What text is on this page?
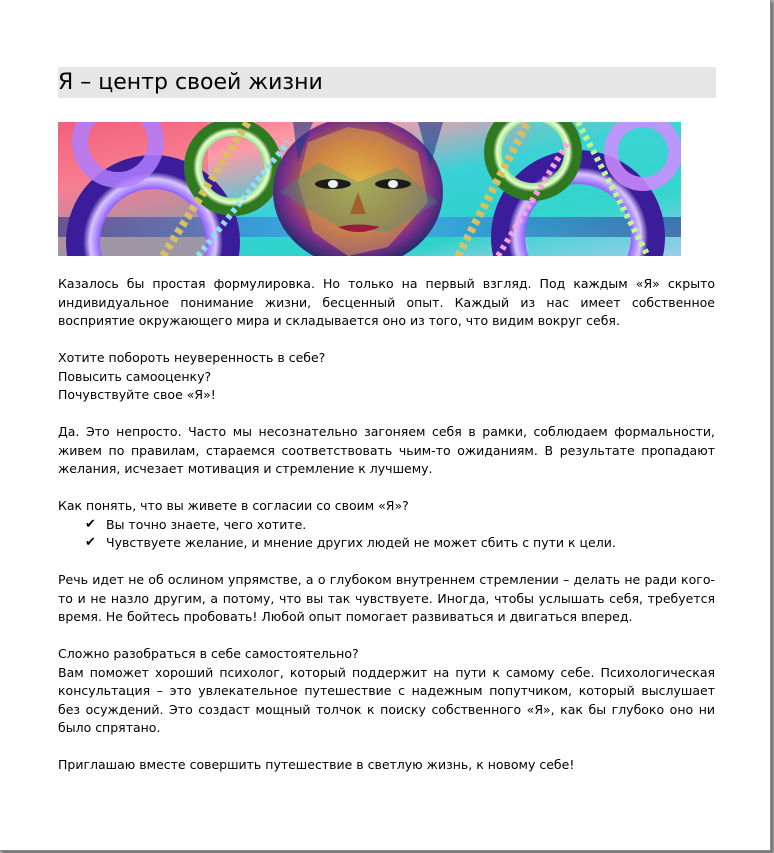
Я – центр своей жизни

Казалось бы простая формулировка. Но только на первый взгляд. Под каждым «Я» скрыто индивидуальное понимание жизни, бесценный опыт. Каждый из нас имеет собственное восприятие окружающего мира и складывается оно из того, что видим вокруг себя.

Хотите побороть неуверенность в себе?

Повысить самооценку?

Почувствуйте свое «Я»!

Да. Это непросто. Часто мы несознательно загоняем себя в рамки, соблюдаем формальности, живем по правилам, стараемся соответствовать чьим-то ожиданиям. В результате пропадают желания, исчезает мотивация и стремление к лучшему.

Как понять, что вы живете в согласии со своим «Я»?

✔ Вы точно знаете, чего хотите.
✔ Чувствуете желание, и мнение других людей не может сбить с пути к цели.

Речь идет не об ослином упрямстве, а о глубоком внутреннем стремлении – делать не ради кого-то и не назло другим, а потому, что вы так чувствуете. Иногда, чтобы услышать себя, требуется время. Не бойтесь пробовать! Любой опыт помогает развиваться и двигаться вперед.

Сложно разобраться в себе самостоятельно?

Вам поможет хороший психолог, который поддержит на пути к самому себе. Психологическая консультация – это увлекательное путешествие с надежным попутчиком, который выслушает без осуждений. Это создаст мощный толчок к поиску собственного «Я», как бы глубоко оно ни было спрятано.

Приглашаю вместе совершить путешествие в светлую жизнь, к новому себе!
